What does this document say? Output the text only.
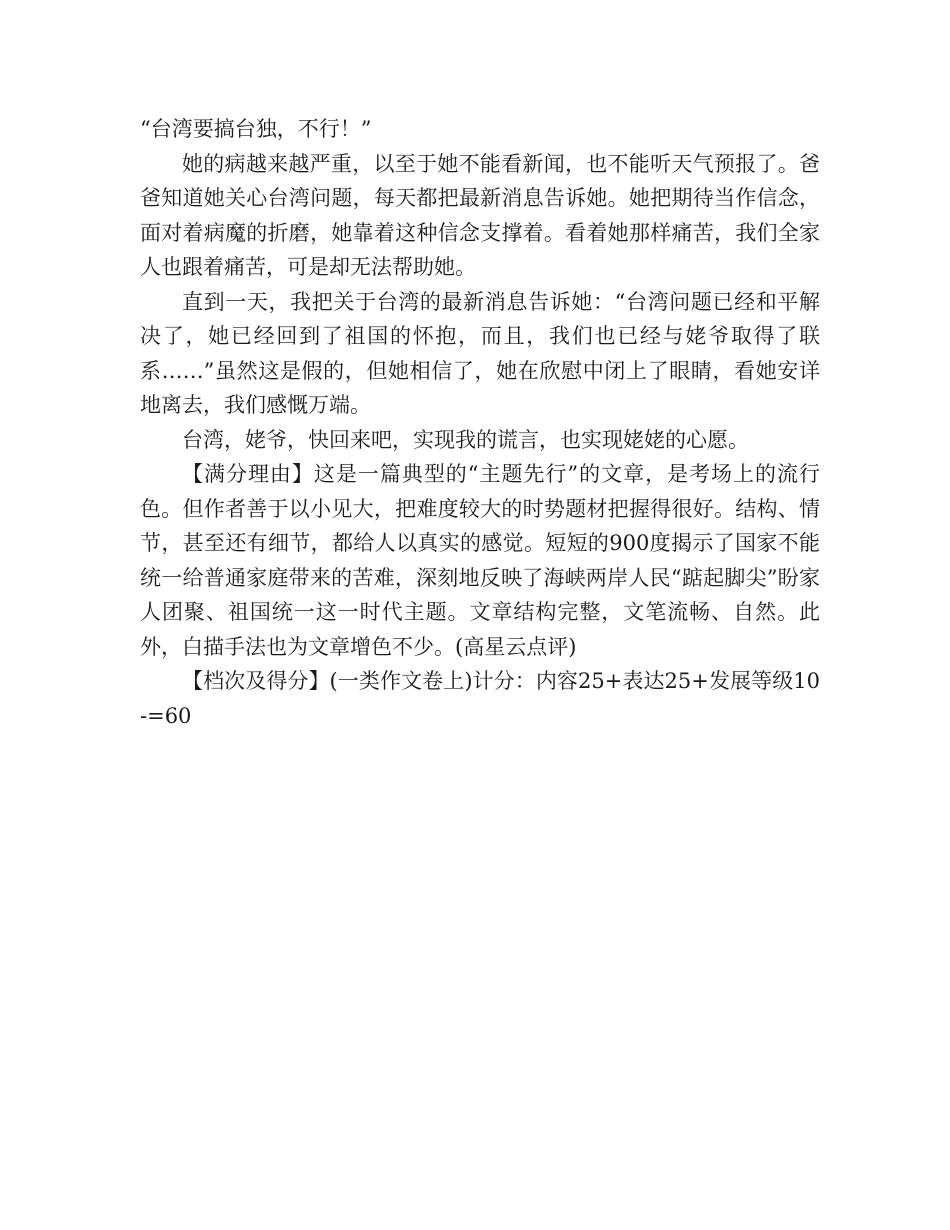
“台湾要搞台独，不行！”

她的病越来越严重，以至于她不能看新闻，也不能听天气预报了。爸爸知道她关心台湾问题，每天都把最新消息告诉她。她把期待当作信念，面对着病魔的折磨，她靠着这种信念支撑着。看着她那样痛苦，我们全家人也跟着痛苦，可是却无法帮助她。

直到一天，我把关于台湾的最新消息告诉她：“台湾问题已经和平解决了，她已经回到了祖国的怀抱，而且，我们也已经与姥爷取得了联系……”虽然这是假的，但她相信了，她在欣慰中闭上了眼睛，看她安详地离去，我们感慨万端。

台湾，姥爷，快回来吧，实现我的谎言，也实现姥姥的心愿。

【满分理由】这是一篇典型的“主题先行”的文章，是考场上的流行色。但作者善于以小见大，把难度较大的时势题材把握得很好。结构、情节，甚至还有细节，都给人以真实的感觉。短短的900度揭示了国家不能统一给普通家庭带来的苦难，深刻地反映了海峡两岸人民“踮起脚尖”盼家人团聚、祖国统一这一时代主题。文章结构完整，文笔流畅、自然。此外，白描手法也为文章增色不少。(高星云点评)

【档次及得分】(一类作文卷上)计分：内容25+表达25+发展等级10-=60
